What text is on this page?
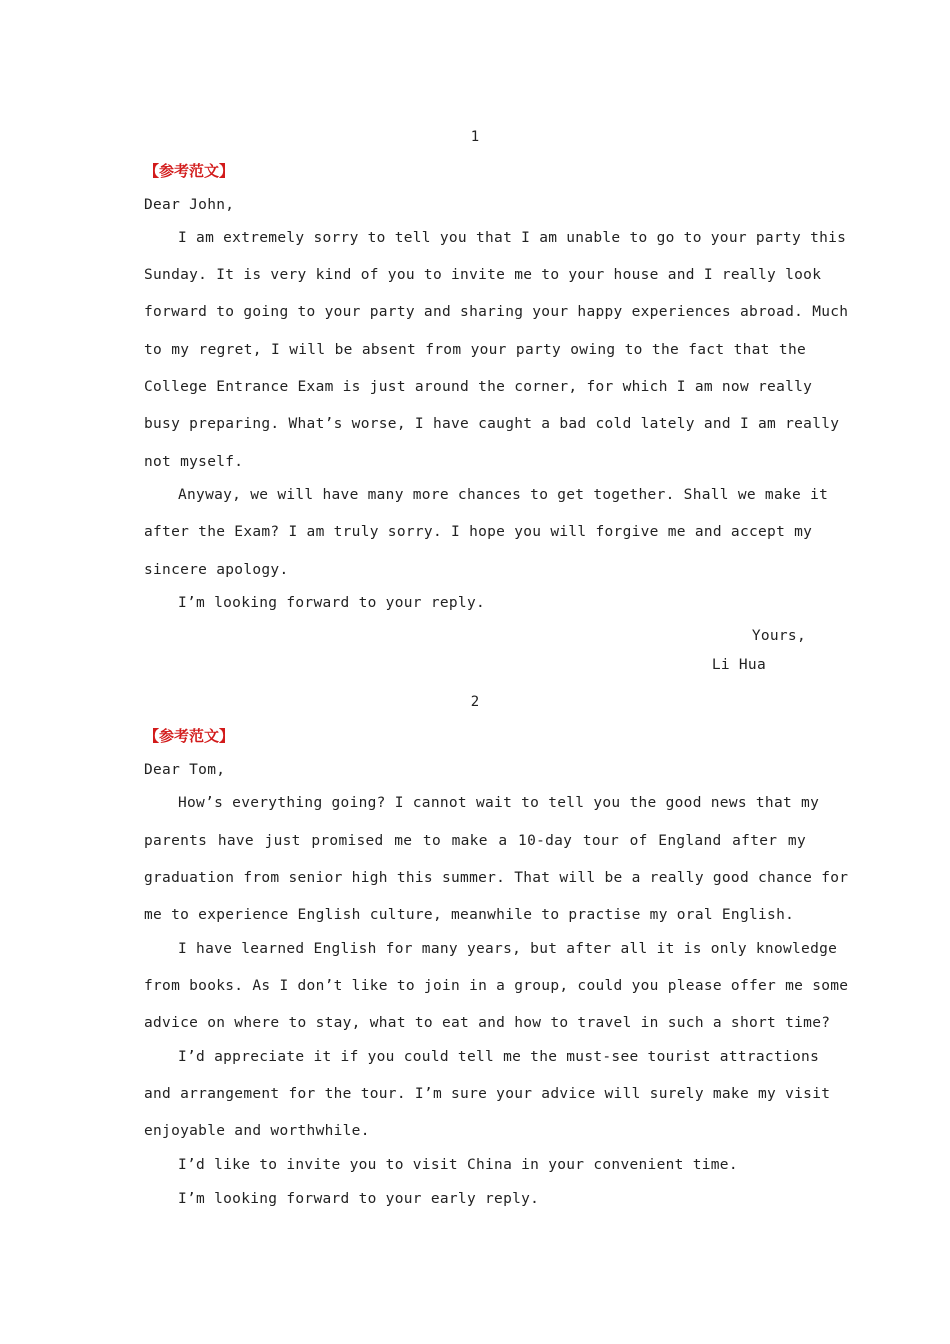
1
【参考范文】
Dear John,
I am extremely sorry to tell you that I am unable to go to your party this
Sunday. It is very kind of you to invite me to your house and I really look
forward to going to your party and sharing your happy experiences abroad. Much
to my regret, I will be absent from your party owing to the fact that the
College Entrance Exam is just around the corner, for which I am now really
busy preparing. What’s worse, I have caught a bad cold lately and I am really
not myself.
Anyway, we will have many more chances to get together. Shall we make it
after the Exam? I am truly sorry. I hope you will forgive me and accept my
sincere apology.
I’m looking forward to your reply.
Yours,
Li Hua
2
【参考范文】
Dear Tom,
How’s everything going? I cannot wait to tell you the good news that my
parents have just promised me to make a 10-day tour of England after my
graduation from senior high this summer. That will be a really good chance for
me to experience English culture, meanwhile to practise my oral English.
I have learned English for many years, but after all it is only knowledge
from books. As I don’t like to join in a group, could you please offer me some
advice on where to stay, what to eat and how to travel in such a short time?
I’d appreciate it if you could tell me the must-see tourist attractions
and arrangement for the tour. I’m sure your advice will surely make my visit
enjoyable and worthwhile.
I’d like to invite you to visit China in your convenient time.
I’m looking forward to your early reply.
